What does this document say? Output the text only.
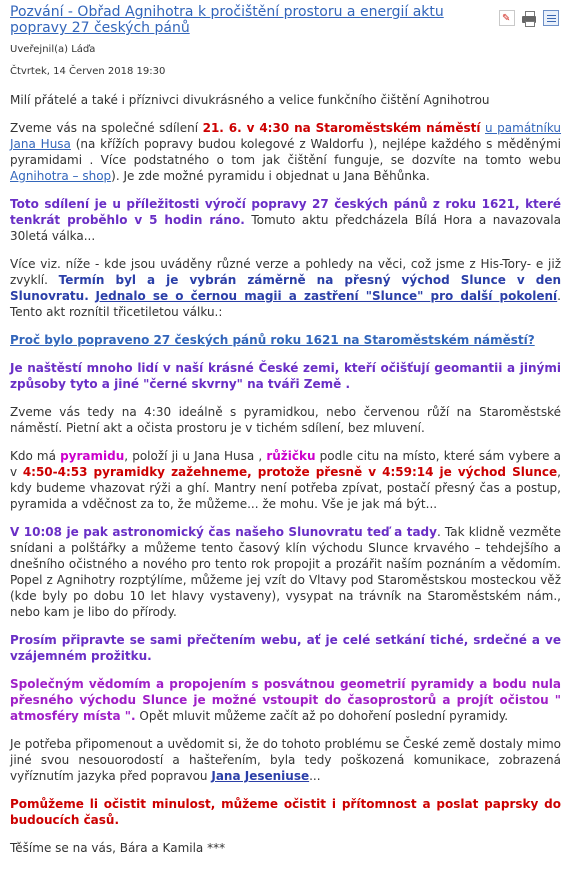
Pozvání - Obřad Agnihotra k pročištění prostoru a energií aktu popravy 27 českých pánů
✎
Uveřejnil(a) Láďa
Čtvrtek, 14 Červen 2018 19:30

Milí přátelé a také i příznivci divukrásného a velice funkčního čištění Agnihotrou

Zveme vás na společné sdílení 21. 6. v 4:30 na Staroměstském náměstí u památníku Jana Husa (na křížích popravy budou kolegové z Waldorfu ), nejlépe každého s měděnými pyramidami . Více podstatného o tom jak čištění funguje, se dozvíte na tomto webu Agnihotra – shop). Je zde možné pyramidu i objednat u Jana Běhůnka.

Toto sdílení je u příležitosti výročí popravy 27 českých pánů z roku 1621, které tenkrát proběhlo v 5 hodin ráno. Tomuto aktu předcházela Bílá Hora a navazovala 30letá válka...

Více viz. níže - kde jsou uváděny různé verze a pohledy na věci, což jsme z His-Tory- e již zvyklí. Termín byl a je vybrán záměrně na přesný východ Slunce v den Slunovratu. Jednalo se o černou magii a zastření "Slunce" pro další pokolení. Tento akt roznítil třicetiletou válku.:

Proč bylo popraveno 27 českých pánů roku 1621 na Staroměstském náměstí?

Je naštěstí mnoho lidí v naší krásné České zemi, kteří očišťují geomantii a jinými způsoby tyto a jiné "černé skvrny" na tváři Země .

Zveme vás tedy na 4:30 ideálně s pyramidkou, nebo červenou růží na Staroměstské náměstí. Pietní akt a očista prostoru je v tichém sdílení, bez mluvení.

Kdo má pyramidu, položí ji u Jana Husa , růžičku podle citu na místo, které sám vybere a v 4:50-4:53 pyramidky zažehneme, protože přesně v 4:59:14 je východ Slunce, kdy budeme vhazovat rýži a ghí. Mantry není potřeba zpívat, postačí přesný čas a postup, pyramida a vděčnost za to, že můžeme... že mohu. Vše je jak má být...

V 10:08 je pak astronomický čas našeho Slunovratu teď a tady. Tak klidně vezměte snídani a polštářky a můžeme tento časový klín východu Slunce krvavého – tehdejšího a dnešního očistného a nového pro tento rok propojit a prozářit naším poznáním a vědomím. Popel z Agnihotry rozptýlíme, můžeme jej vzít do Vltavy pod Staroměstskou mosteckou věž (kde byly po dobu 10 let hlavy vystaveny), vysypat na trávník na Staroměstském nám., nebo kam je libo do přírody.

Prosím připravte se sami přečtením webu, ať je celé setkání tiché, srdečné a ve vzájemném prožitku.

Společným vědomím a propojením s posvátnou geometrií pyramidy a bodu nula přesného východu Slunce je možné vstoupit do časoprostorů a projít očistou " atmosféry místa ". Opět mluvit můžeme začít až po dohoření poslední pyramidy.

Je potřeba připomenout a uvědomit si, že do tohoto problému se České země dostaly mimo jiné svou nesouorodostí a hašteřením, byla tedy poškozená komunikace, zobrazená vyříznutím jazyka před popravou Jana Jeseniuse...

Pomůžeme li očistit minulost, můžeme očistit i přítomnost a poslat paprsky do budoucích časů.

Těšíme se na vás, Bára a Kamila ***
